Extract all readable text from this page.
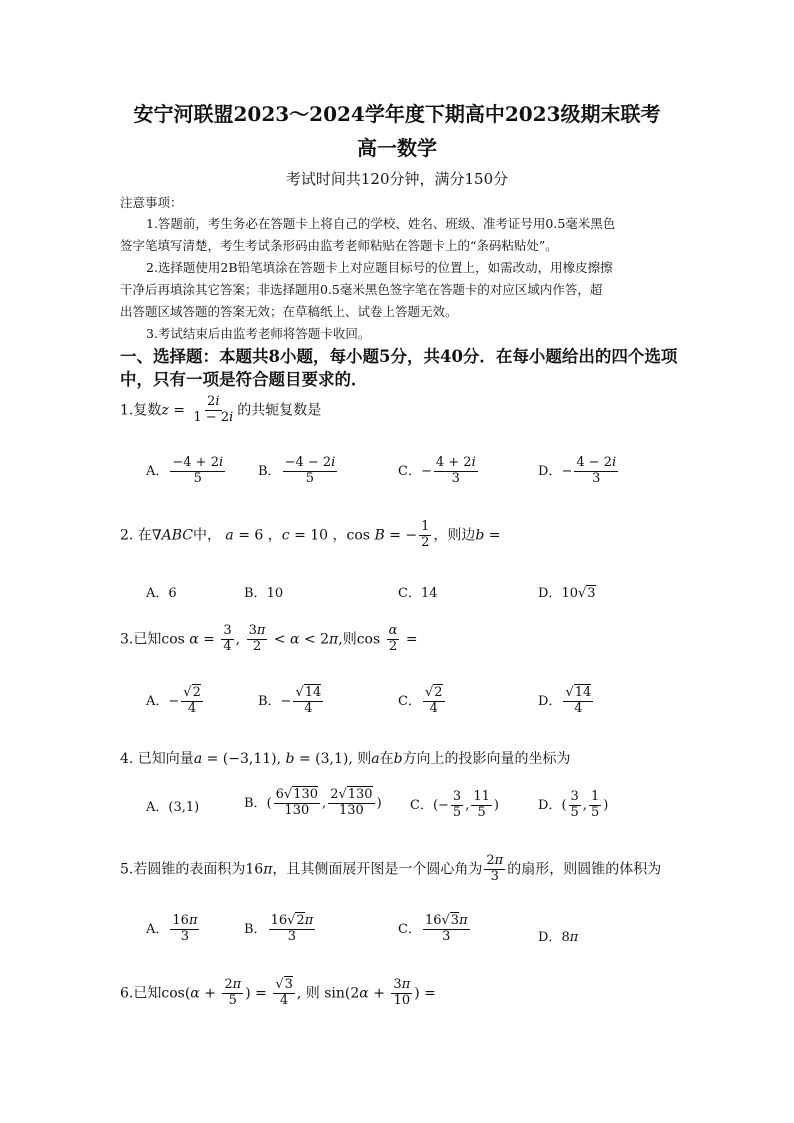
安宁河联盟2023～2024学年度下期高中2023级期末联考
高一数学
考试时间共120分钟，满分150分
注意事项：
1.答题前，考生务必在答题卡上将自己的学校、姓名、班级、准考证号用0.5毫米黑色
签字笔填写清楚，考生考试条形码由监考老师粘贴在答题卡上的“条码粘贴处”。
2.选择题使用2B铅笔填涂在答题卡上对应题目标号的位置上，如需改动，用橡皮擦擦
干净后再填涂其它答案；非选择题用0.5毫米黑色签字笔在答题卡的对应区域内作答，超
出答题区域答题的答案无效；在草稿纸上、试卷上答题无效。
3.考试结束后由监考老师将答题卡收回。
一、选择题：本题共8小题，每小题5分，共40分．在每小题给出的四个选项
中，只有一项是符合题目要求的．
1.复数$z = \frac{2i}{1 - 2i}$ 的共轭复数是
A． $\frac{-4 + 2i}{5}$	B． $\frac{-4 - 2i}{5}$	C．− $\frac{4 + 2i}{3}$	D．− $\frac{4 - 2i}{3}$
2. 在∇ABC中， a = 6 ，c = 10 ，cos B = − $\frac{1}{2}$ ，则边b =
A．6	B．10	C．14	D．10√3
3.已知$\cos \alpha = \frac{3}{4}$ , $\frac{3\pi}{2} < \alpha < 2\pi$,则$\cos \frac{\alpha}{2}$ =
A．− $\frac{√2}{4}$	B．− $\frac{√14}{4}$	C． $\frac{√2}{4}$	D． $\frac{√14}{4}$
4. 已知向量a = (−3,11), b = (3,1), 则a在b方向上的投影向量的坐标为
A．(3,1)	B．( $\frac{6√130}{130}$ , $\frac{2√130}{130}$ ) C．(− $\frac{3}{5}$ , $\frac{11}{5}$ )	D．( $\frac{3}{5}$ , $\frac{1}{5}$ )
5.若圆锥的表面积为16π，且其侧面展开图是一个圆心角为 $\frac{2\pi}{3}$ 的扇形，则圆锥的体积为
A． $\frac{16\pi}{3}$	B． $\frac{16√2\pi}{3}$	C． $\frac{16√3\pi}{3}$	D．8π
6.已知$\cos(\alpha + \frac{2\pi}{5}$ ) = $\frac{√3}{4}$ , 则 $\sin(2\alpha + \frac{3\pi}{10}$ ) =
